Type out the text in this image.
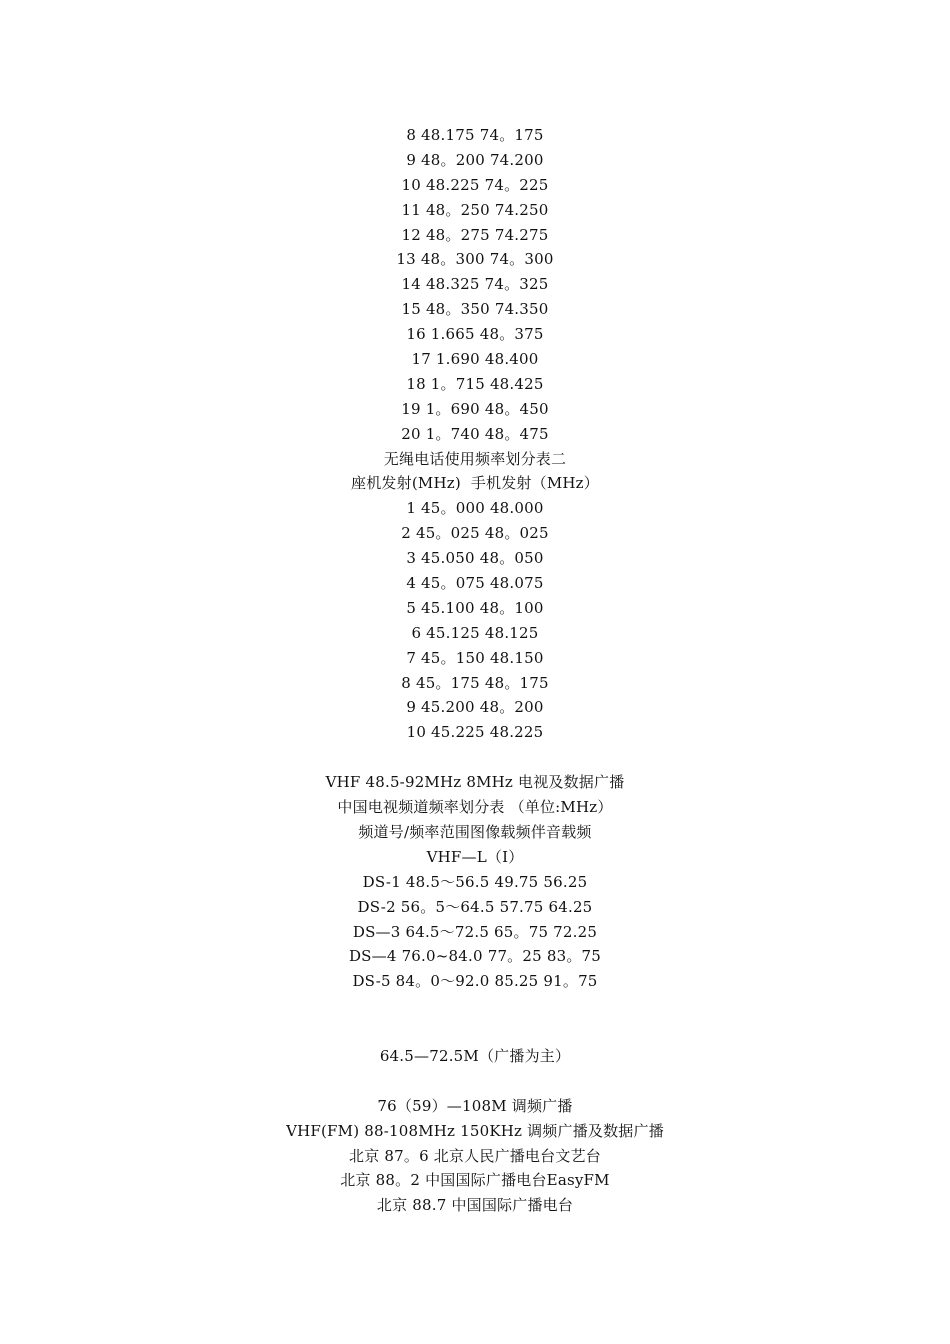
8 48.175 74。175
9 48。200 74.200
10 48.225 74。225
11 48。250 74.250
12 48。275 74.275
13 48。300 74。300
14 48.325 74。325
15 48。350 74.350
16 1.665 48。375
17 1.690 48.400
18 1。715 48.425
19 1。690 48。450
20 1。740 48。475
无绳电话使用频率划分表二
座机发射(MHz)  手机发射（MHz）
1 45。000 48.000
2 45。025 48。025
3 45.050 48。050
4 45。075 48.075
5 45.100 48。100
6 45.125 48.125
7 45。150 48.150
8 45。175 48。175
9 45.200 48。200
10 45.225 48.225
VHF 48.5-92MHz 8MHz 电视及数据广播
中国电视频道频率划分表 （单位:MHz）
频道号/频率范围图像载频伴音载频
VHF—L（Ⅰ）
DS-1 48.5～56.5 49.75 56.25
DS-2 56。5～64.5 57.75 64.25
DS—3 64.5～72.5 65。75 72.25
DS—4 76.0~84.0 77。25 83。75
DS-5 84。0～92.0 85.25 91。75
64.5—72.5M（广播为主）
76（59）—108M 调频广播
VHF(FM) 88-108MHz 150KHz 调频广播及数据广播
北京 87。6 北京人民广播电台文艺台
北京 88。2 中国国际广播电台EasyFM
北京 88.7 中国国际广播电台
